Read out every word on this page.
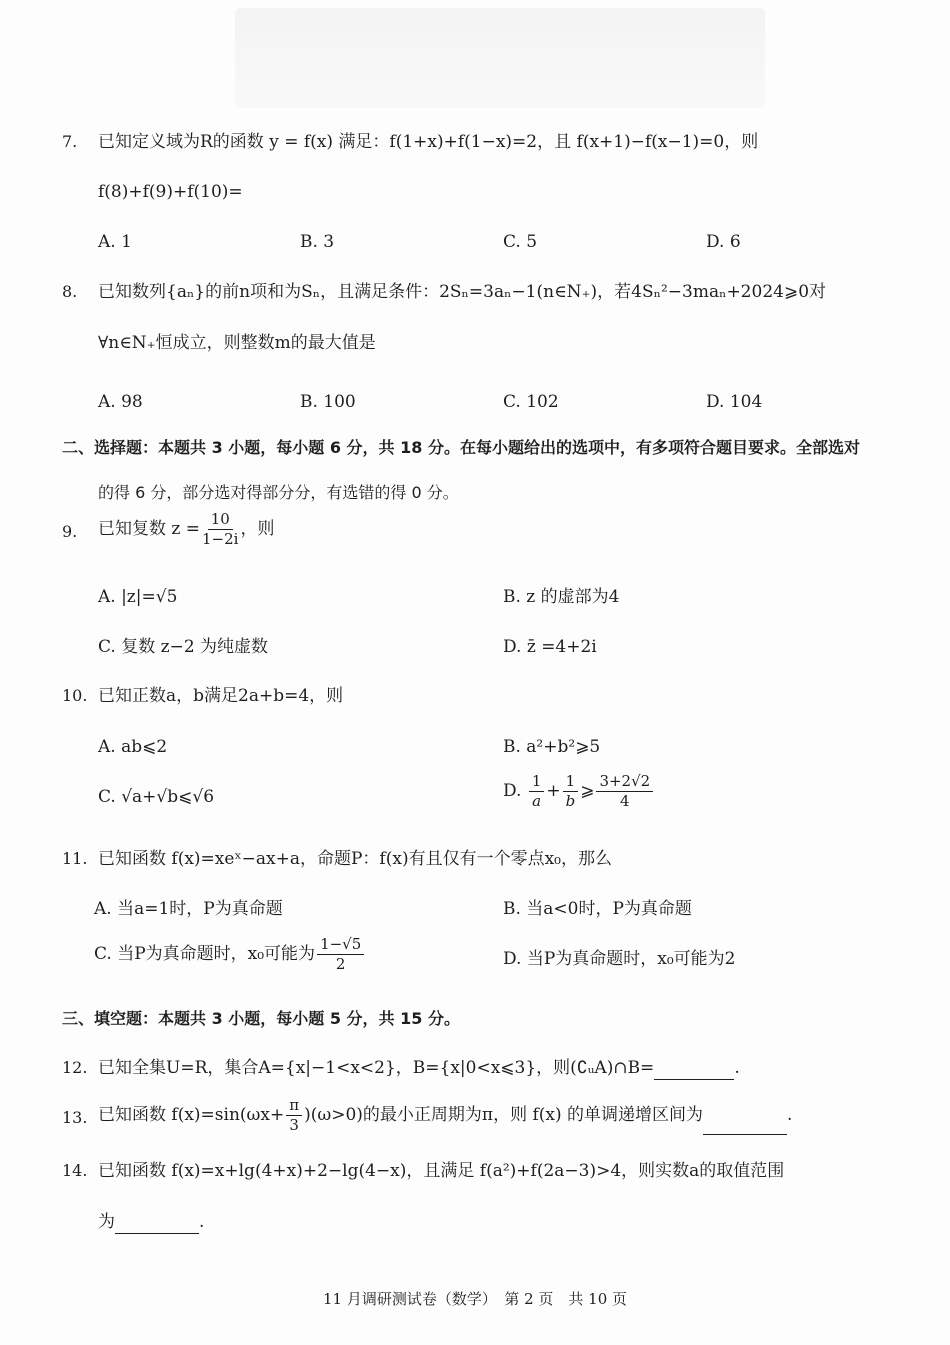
7. 已知定义域为R的函数 y = f(x) 满足：f(1+x)+f(1−x)=2，且 f(x+1)−f(x−1)=0，则
f(8)+f(9)+f(10)=
A. 1	B. 3	C. 5	D. 6
8. 已知数列{aₙ}的前n项和为Sₙ，且满足条件：2Sₙ=3aₙ−1(n∈N₊)，若4Sₙ²−3maₙ+2024⩾0对
∀n∈N₊恒成立，则整数m的最大值是
A. 98	B. 100	C. 102	D. 104
二、选择题：本题共 3 小题，每小题 6 分，共 18 分。在每小题给出的选项中，有多项符合题目要求。全部选对
的得 6 分，部分选对得部分分，有选错的得 0 分。
9. 已知复数 $z = \frac{10}{1-2i}$ ，则
A. |z|=√5	B. z 的虚部为4
C. 复数 z−2 为纯虚数	D. z̄ =4+2i
10. 已知正数a，b满足2a+b=4，则
A. ab⩽2	B. a²+b²⩾5
C. √a+√b⩽√6	D. $\frac{1}{a} + \frac{1}{b}$ ⩾ $\frac{3+2√2}{4}$
11. 已知函数 f(x)=xeˣ−ax+a，命题P：f(x)有且仅有一个零点x₀，那么
A. 当a=1时，P为真命题	B. 当a<0时，P为真命题
C. 当P为真命题时，x₀可能为 $\frac{1-√5}{2}$	D. 当P为真命题时，x₀可能为2
三、填空题：本题共 3 小题，每小题 5 分，共 15 分。
12. 已知全集U=R，集合A={x|−1<x<2}，B={x|0<x⩽3}，则(∁ᵤA)∩B=	.
13. 已知函数 $f(x)=\sin(\omega x+ \frac{\pi}{3} )(\omega>0)$的最小正周期为π，则 f(x) 的单调递增区间为	.
14. 已知函数 f(x)=x+lg(4+x)+2−lg(4−x)，且满足 f(a²)+f(2a−3)>4，则实数a的取值范围
为	.
11 月调研测试卷（数学）　第 2 页　共 10 页
